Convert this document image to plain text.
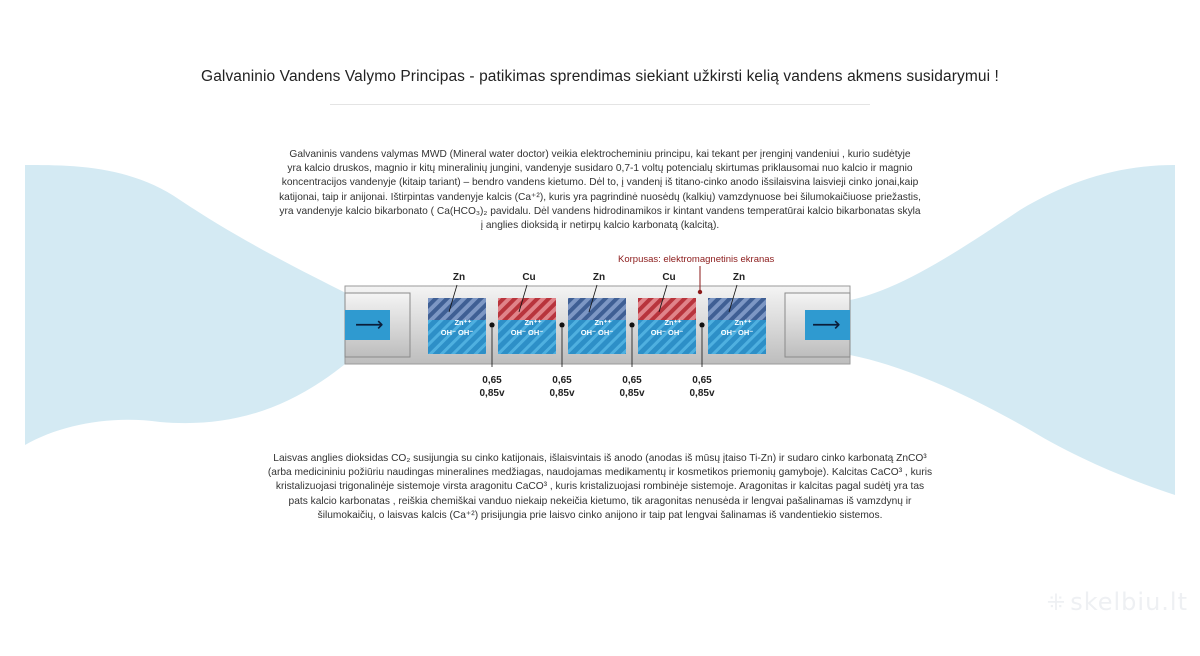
Galvaninio Vandens Valymo Principas - patikimas sprendimas siekiant užkirsti kelią vandens akmens susidarymui !
Zn
Zn⁺⁺
OH⁻ OH⁻
Cu
Zn⁺⁺
OH⁻ OH⁻
Zn
Zn⁺⁺
OH⁻ OH⁻
Cu
Zn⁺⁺
OH⁻ OH⁻
Zn
Zn⁺⁺
OH⁻ OH⁻
0,65
0,85v
0,65
0,85v
0,65
0,85v
0,65
0,85v
⟶	⟶
Korpusas: elektromagnetinis ekranas
Galvaninis vandens valymas MWD (Mineral water doctor) veikia elektrocheminiu principu, kai tekant per įrenginį vandeniui , kurio sudėtyje
yra kalcio druskos, magnio ir kitų mineralinių jungini, vandenyje susidaro 0,7-1 voltų potencialų skirtumas priklausomai nuo kalcio ir magnio
koncentracijos vandenyje (kitaip tariant) – bendro vandens kietumo. Dėl to, į vandenį iš titano-cinko anodo išsilaisvina laisvieji cinko jonai,kaip
katijonai, taip ir anijonai. Ištirpintas vandenyje kalcis (Ca⁺²), kuris yra pagrindinė nuosėdų (kalkių) vamzdynuose bei šilumokaičiuose priežastis,
yra vandenyje kalcio bikarbonato ( Ca(HCO₃)₂ pavidalu. Dėl vandens hidrodinamikos ir kintant vandens temperatūrai kalcio bikarbonatas skyla
į anglies dioksidą ir netirpų kalcio karbonatą (kalcitą).
Laisvas anglies dioksidas CO₂ susijungia su cinko katijonais, išlaisvintais iš anodo (anodas iš mūsų įtaiso Ti-Zn) ir sudaro cinko karbonatą ZnCO³
(arba medicininiu požiūriu naudingas mineralines medžiagas, naudojamas medikamentų ir kosmetikos priemonių gamyboje). Kalcitas CaCO³ , kuris
kristalizuojasi trigonalinėje sistemoje virsta aragonitu CaCO³ , kuris kristalizuojasi rombinėje sistemoje. Aragonitas ir kalcitas pagal sudėtį yra tas
pats kalcio karbonatas , reiškia chemiškai vanduo niekaip nekeičia kietumo, tik aragonitas nenusėda ir lengvai pašalinamas iš vamzdynų ir
šilumokaičių, o laisvas kalcis (Ca⁺²) prisijungia prie laisvo cinko anijono ir taip pat lengvai šalinamas iš vandentiekio sistemos.
⁜ skelbiu.lt
